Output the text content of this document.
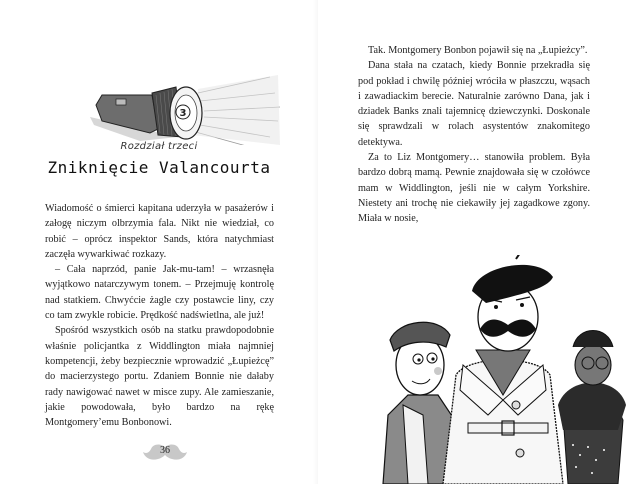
3
Rozdział trzeci
Zniknięcie Valancourta

Wiadomość o śmierci kapitana uderzyła w pasażerów i załogę niczym olbrzymia fala. Nikt nie wiedział, co robić – oprócz inspektor Sands, która natychmiast zaczęła wywarkiwać rozkazy.

– Cała naprzód, panie Jak-mu-tam! – wrzasnęła wyjątkowo natarczywym tonem. – Przejmuję kontrolę nad statkiem. Chwyćcie żagle czy postawcie liny, czy co tam zwykle robicie. Prędkość nadświetlna, ale już!

Spośród wszystkich osób na statku prawdopodobnie właśnie policjantka z Widdlington miała najmniej kompetencji, żeby bezpiecznie wprowadzić „Łupieżcę” do macierzystego portu. Zdaniem Bonnie nie dałaby rady nawigować nawet w misce zupy. Ale zamieszanie, jakie powodowała, było bardzo na rękę Montgomery’emu Bonbonowi.

36

Tak. Montgomery Bonbon pojawił się na „Łupieżcy”.

Dana stała na czatach, kiedy Bonnie przekradła się pod pokład i chwilę później wróciła w płaszczu, wąsach i zawadiackim berecie. Naturalnie zarówno Dana, jak i dziadek Banks znali tajemnicę dziewczynki. Doskonale się sprawdzali w rolach asystentów znakomitego detektywa.

Za to Liz Montgomery… stanowiła problem. Była bardzo dobrą mamą. Pewnie znajdowała się w czołówce mam w Widdlington, jeśli nie w całym Yorkshire. Niestety ani trochę nie ciekawiły jej zagadkowe zgony. Miała w nosie,
